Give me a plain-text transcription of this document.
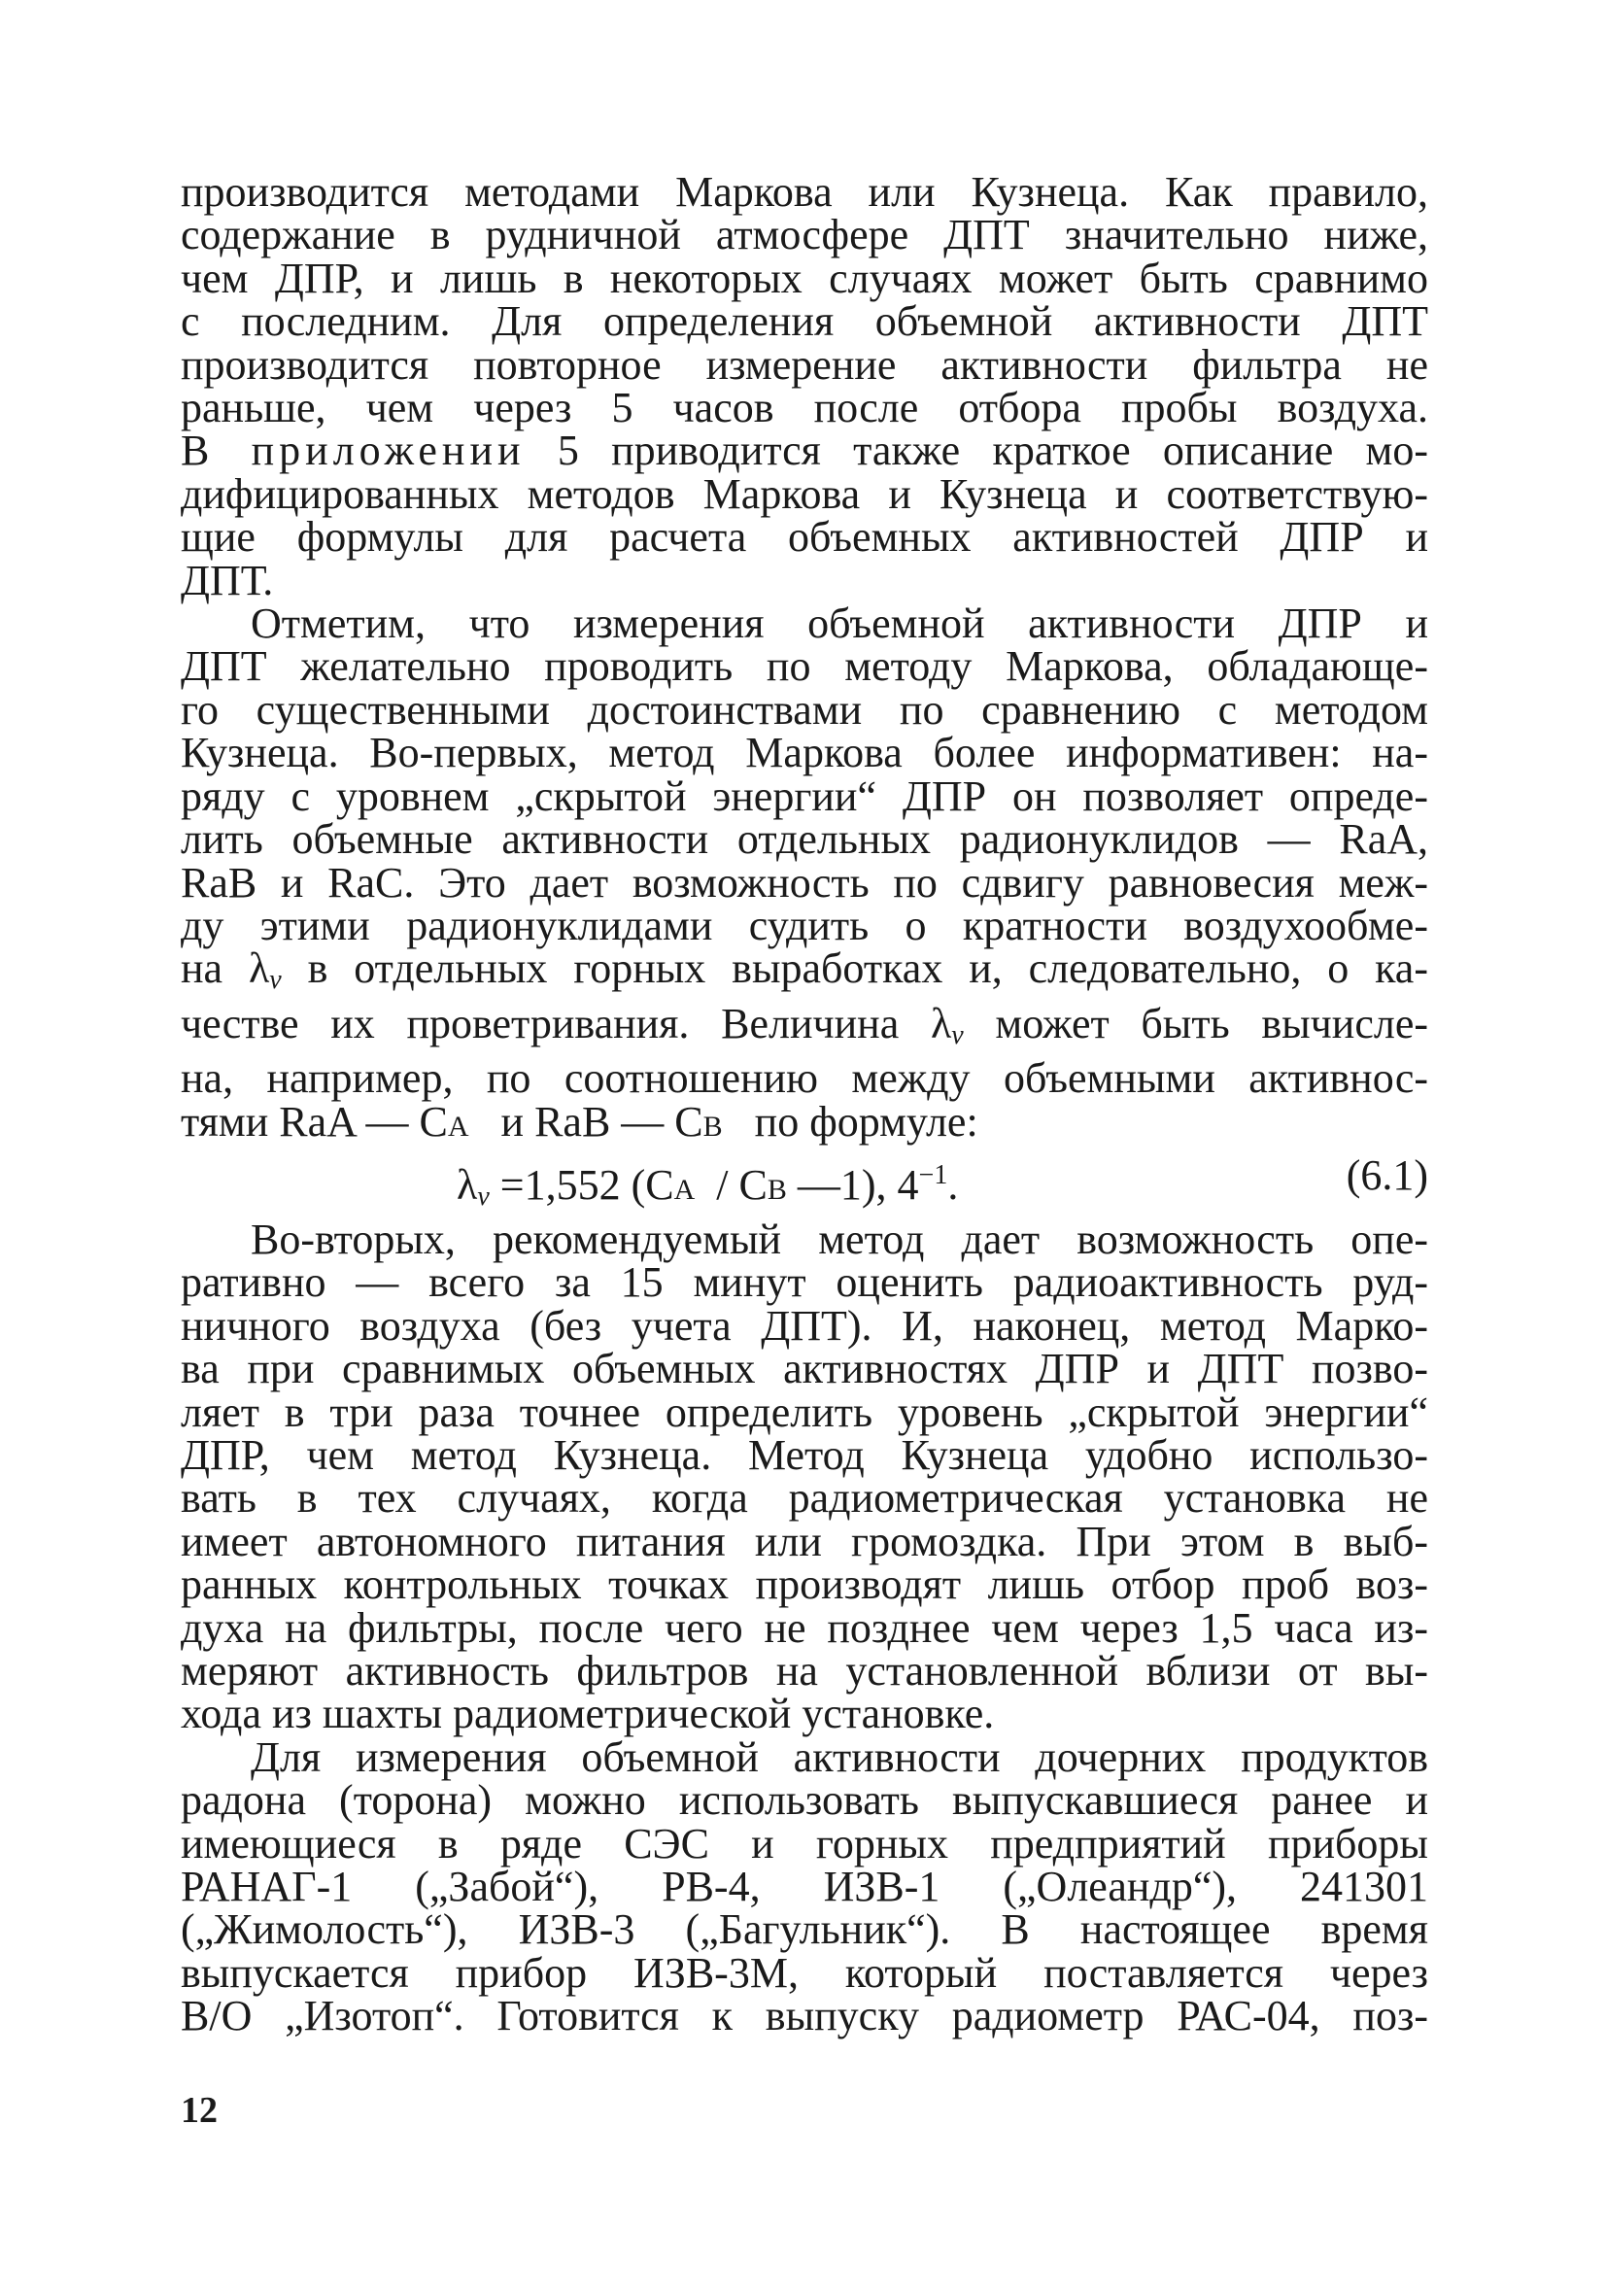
производится методами Маркова или Кузнеца. Как правило,
содержание в рудничной атмосфере ДПТ значительно ниже,
чем ДПР, и лишь в некоторых случаях может быть сравнимо
с последним. Для определения объемной активности ДПТ
производится повторное измерение активности фильтра не
раньше, чем через 5 часов после отбора пробы воздуха.
В приложении 5 приводится также краткое описание мо-
дифицированных методов Маркова и Кузнеца и соответствую-
щие формулы для расчета объемных активностей ДПР и
ДПТ.
Отметим, что измерения объемной активности ДПР и
ДПТ желательно проводить по методу Маркова, обладающе-
го существенными достоинствами по сравнению с методом
Кузнеца. Во-первых, метод Маркова более информативен: на-
ряду с уровнем „скрытой энергии“ ДПР он позволяет опреде-
лить объемные активности отдельных радионуклидов — RaA,
RaB и RaC. Это дает возможность по сдвигу равновесия меж-
ду этими радионуклидами судить о кратности воздухообме-
на $\lambda_v$ в отдельных горных выработках и, следовательно, о ка-
честве их проветривания. Величина $\lambda_v$ может быть вычисле-
на, например, по соотношению между объемными активнос-
тями RaA — CA и RaB — CB по формуле:
$\lambda_v =1,552$ (CA / CB —1), $4^{-1}$.	(6.1)
Во-вторых, рекомендуемый метод дает возможность опе-
ративно — всего за 15 минут оценить радиоактивность руд-
ничного воздуха (без учета ДПТ). И, наконец, метод Марко-
ва при сравнимых объемных активностях ДПР и ДПТ позво-
ляет в три раза точнее определить уровень „скрытой энергии“
ДПР, чем метод Кузнеца. Метод Кузнеца удобно использо-
вать в тех случаях, когда радиометрическая установка не
имеет автономного питания или громоздка. При этом в выб-
ранных контрольных точках производят лишь отбор проб воз-
духа на фильтры, после чего не позднее чем через 1,5 часа из-
меряют активность фильтров на установленной вблизи от вы-
хода из шахты радиометрической установке.
Для измерения объемной активности дочерних продуктов
радона (торона) можно использовать выпускавшиеся ранее и
имеющиеся в ряде СЭС и горных предприятий приборы
РАНАГ-1 („Забой“), РВ-4, ИЗВ-1 („Олеандр“), 241301
(„Жимолость“), ИЗВ-3 („Багульник“). В настоящее время
выпускается прибор ИЗВ-3М, который поставляется через
В/О „Изотоп“. Готовится к выпуску радиометр РАС-04, поз-
12
